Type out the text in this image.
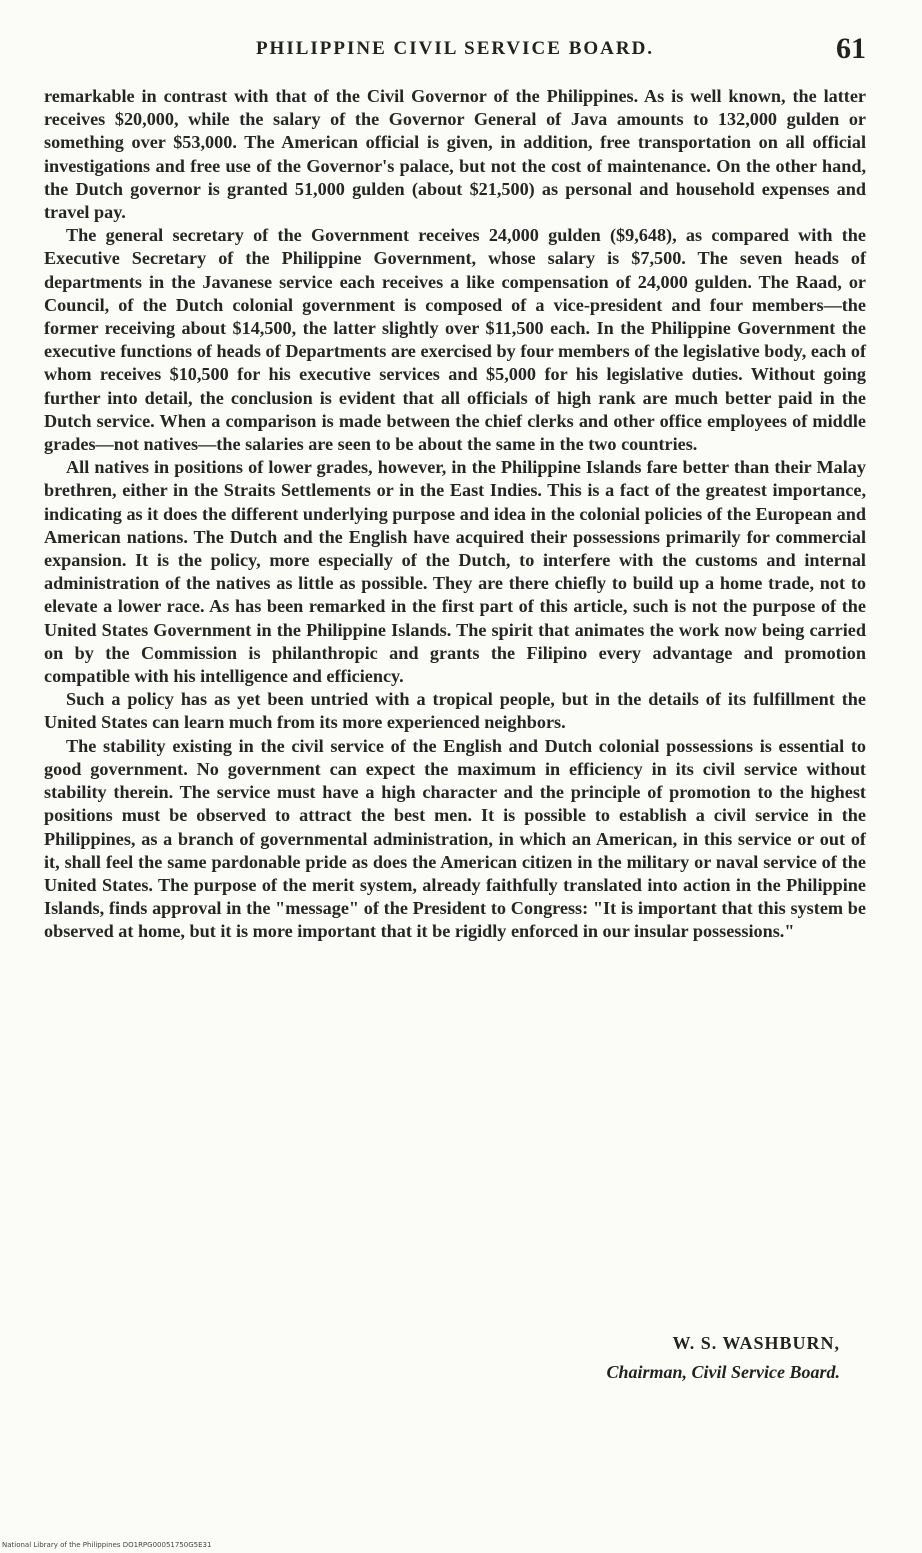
PHILIPPINE CIVIL SERVICE BOARD.	61

remarkable in contrast with that of the Civil Governor of the Philippines. As is well known, the latter receives $20,000, while the salary of the Governor General of Java amounts to 132,000 gulden or something over $53,000. The American official is given, in addition, free transportation on all official investigations and free use of the Governor's palace, but not the cost of maintenance. On the other hand, the Dutch governor is granted 51,000 gulden (about $21,500) as personal and household expenses and travel pay.

The general secretary of the Government receives 24,000 gulden ($9,648), as compared with the Executive Secretary of the Philippine Government, whose salary is $7,500. The seven heads of departments in the Javanese service each receives a like compensation of 24,000 gulden. The Raad, or Council, of the Dutch colonial government is composed of a vice-president and four members—the former receiving about $14,500, the latter slightly over $11,500 each. In the Philippine Government the executive functions of heads of Departments are exercised by four members of the legislative body, each of whom receives $10,500 for his executive services and $5,000 for his legislative duties. Without going further into detail, the conclusion is evident that all officials of high rank are much better paid in the Dutch service. When a comparison is made between the chief clerks and other office employees of middle grades—not natives—the salaries are seen to be about the same in the two countries.

All natives in positions of lower grades, however, in the Philippine Islands fare better than their Malay brethren, either in the Straits Settlements or in the East Indies. This is a fact of the greatest importance, indicating as it does the different underlying purpose and idea in the colonial policies of the European and American nations. The Dutch and the English have acquired their possessions primarily for commercial expansion. It is the policy, more especially of the Dutch, to interfere with the customs and internal administration of the natives as little as possible. They are there chiefly to build up a home trade, not to elevate a lower race. As has been remarked in the first part of this article, such is not the purpose of the United States Government in the Philippine Islands. The spirit that animates the work now being carried on by the Commission is philanthropic and grants the Filipino every advantage and promotion compatible with his intelligence and efficiency.

Such a policy has as yet been untried with a tropical people, but in the details of its fulfillment the United States can learn much from its more experienced neighbors.

The stability existing in the civil service of the English and Dutch colonial possessions is essential to good government. No government can expect the maximum in efficiency in its civil service without stability therein. The service must have a high character and the principle of promotion to the highest positions must be observed to attract the best men. It is possible to establish a civil service in the Philippines, as a branch of governmental administration, in which an American, in this service or out of it, shall feel the same pardonable pride as does the American citizen in the military or naval service of the United States. The purpose of the merit system, already faithfully translated into action in the Philippine Islands, finds approval in the "message" of the President to Congress: "It is important that this system be observed at home, but it is more important that it be rigidly enforced in our insular possessions."

W. S. WASHBURN,
Chairman, Civil Service Board.
National Library of the Philippines DO1RPG00051750G5E31
